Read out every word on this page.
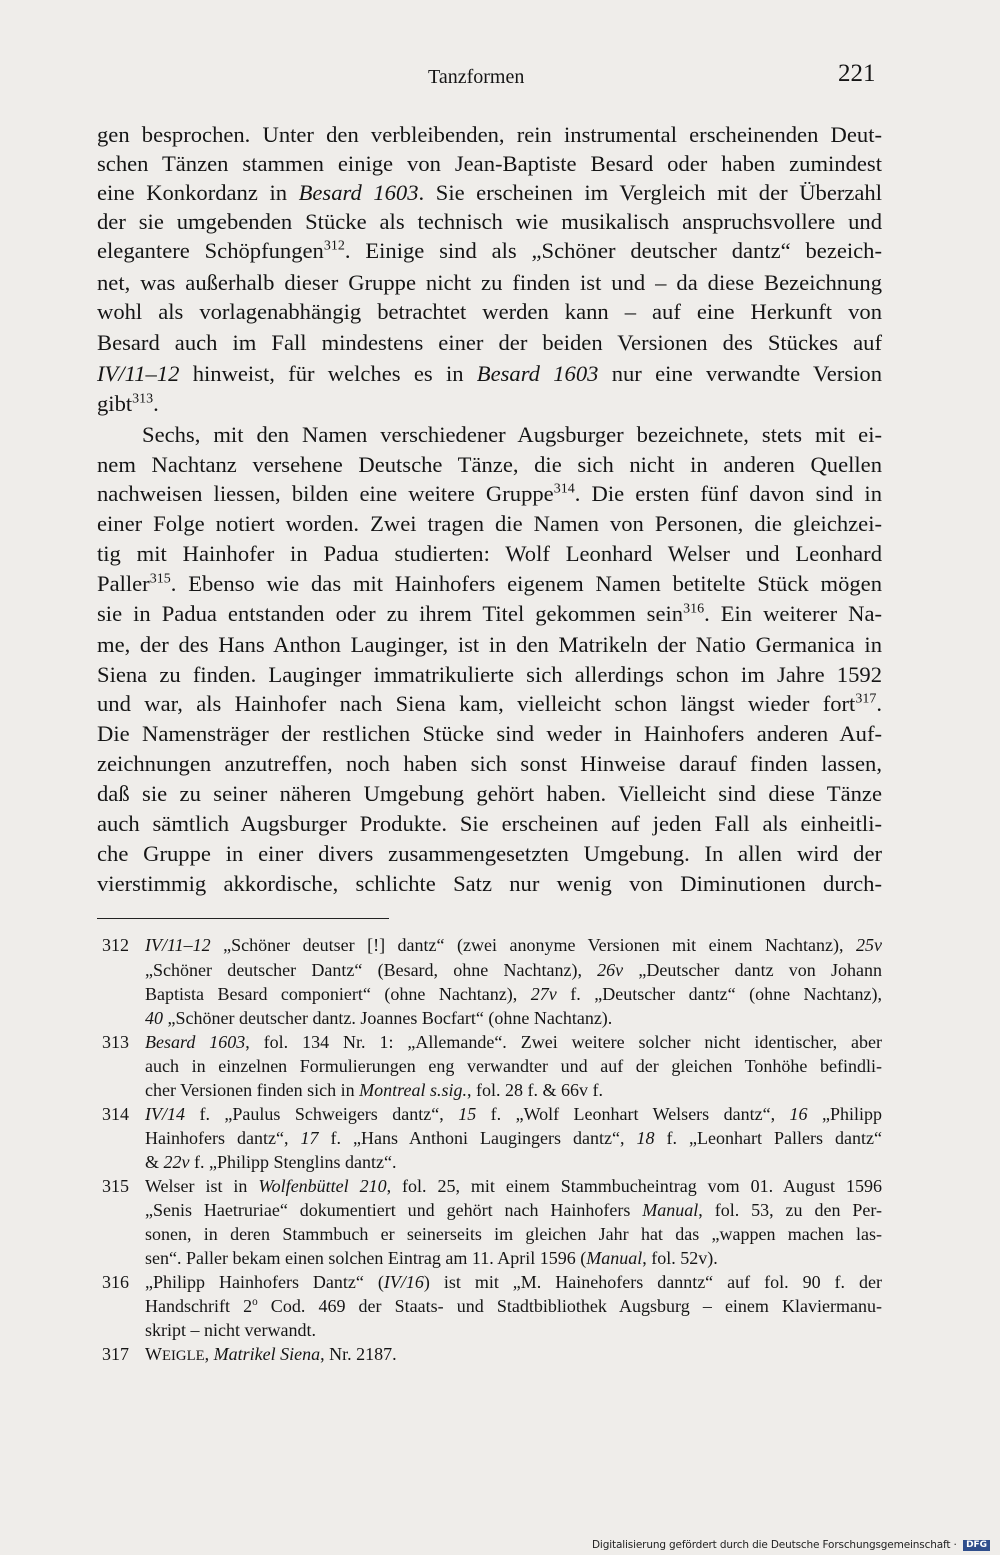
Tanzformen	221
gen besprochen. Unter den verbleibenden, rein instrumental erscheinenden Deut-
schen Tänzen stammen einige von Jean-Baptiste Besard oder haben zumindest
eine Konkordanz in Besard 1603. Sie erscheinen im Vergleich mit der Überzahl
der sie umgebenden Stücke als technisch wie musikalisch anspruchsvollere und
elegantere Schöpfungen$^{312}$. Einige sind als „Schöner deutscher dantz“ bezeich-
net, was außerhalb dieser Gruppe nicht zu finden ist und – da diese Bezeichnung
wohl als vorlagenabhängig betrachtet werden kann – auf eine Herkunft von
Besard auch im Fall mindestens einer der beiden Versionen des Stückes auf
IV/11–12 hinweist, für welches es in Besard 1603 nur eine verwandte Version
gibt$^{313}$.
Sechs, mit den Namen verschiedener Augsburger bezeichnete, stets mit ei-
nem Nachtanz versehene Deutsche Tänze, die sich nicht in anderen Quellen
nachweisen liessen, bilden eine weitere Gruppe$^{314}$. Die ersten fünf davon sind in
einer Folge notiert worden. Zwei tragen die Namen von Personen, die gleichzei-
tig mit Hainhofer in Padua studierten: Wolf Leonhard Welser und Leonhard
Paller$^{315}$. Ebenso wie das mit Hainhofers eigenem Namen betitelte Stück mögen
sie in Padua entstanden oder zu ihrem Titel gekommen sein$^{316}$. Ein weiterer Na-
me, der des Hans Anthon Lauginger, ist in den Matrikeln der Natio Germanica in
Siena zu finden. Lauginger immatrikulierte sich allerdings schon im Jahre 1592
und war, als Hainhofer nach Siena kam, vielleicht schon längst wieder fort$^{317}$.
Die Namensträger der restlichen Stücke sind weder in Hainhofers anderen Auf-
zeichnungen anzutreffen, noch haben sich sonst Hinweise darauf finden lassen,
daß sie zu seiner näheren Umgebung gehört haben. Vielleicht sind diese Tänze
auch sämtlich Augsburger Produkte. Sie erscheinen auf jeden Fall als einheitli-
che Gruppe in einer divers zusammengesetzten Umgebung. In allen wird der
vierstimmig akkordische, schlichte Satz nur wenig von Diminutionen durch-
312 IV/11–12 „Schöner deutser [!] dantz“ (zwei anonyme Versionen mit einem Nachtanz), 25v
„Schöner deutscher Dantz“ (Besard, ohne Nachtanz), 26v „Deutscher dantz von Johann
Baptista Besard componiert“ (ohne Nachtanz), 27v f. „Deutscher dantz“ (ohne Nachtanz),
40 „Schöner deutscher dantz. Joannes Bocfart“ (ohne Nachtanz).
313 Besard 1603, fol. 134 Nr. 1: „Allemande“. Zwei weitere solcher nicht identischer, aber
auch in einzelnen Formulierungen eng verwandter und auf der gleichen Tonhöhe befindli-
cher Versionen finden sich in Montreal s.sig., fol. 28 f. & 66v f.
314 IV/14 f. „Paulus Schweigers dantz“, 15 f. „Wolf Leonhart Welsers dantz“, 16 „Philipp
Hainhofers dantz“, 17 f. „Hans Anthoni Laugingers dantz“, 18 f. „Leonhart Pallers dantz“
& 22v f. „Philipp Stenglins dantz“.
315 Welser ist in Wolfenbüttel 210, fol. 25, mit einem Stammbucheintrag vom 01. August 1596
„Senis Haetruriae“ dokumentiert und gehört nach Hainhofers Manual, fol. 53, zu den Per-
sonen, in deren Stammbuch er seinerseits im gleichen Jahr hat das „wappen machen las-
sen“. Paller bekam einen solchen Eintrag am 11. April 1596 (Manual, fol. 52v).
316 „Philipp Hainhofers Dantz“ (IV/16) ist mit „M. Hainehofers danntz“ auf fol. 90 f. der
Handschrift 2$^o$ Cod. 469 der Staats- und Stadtbibliothek Augsburg – einem Klaviermanu-
skript – nicht verwandt.
317 WEIGLE, Matrikel Siena, Nr. 2187.
Digitalisierung gefördert durch die Deutsche Forschungsgemeinschaft · DFG
